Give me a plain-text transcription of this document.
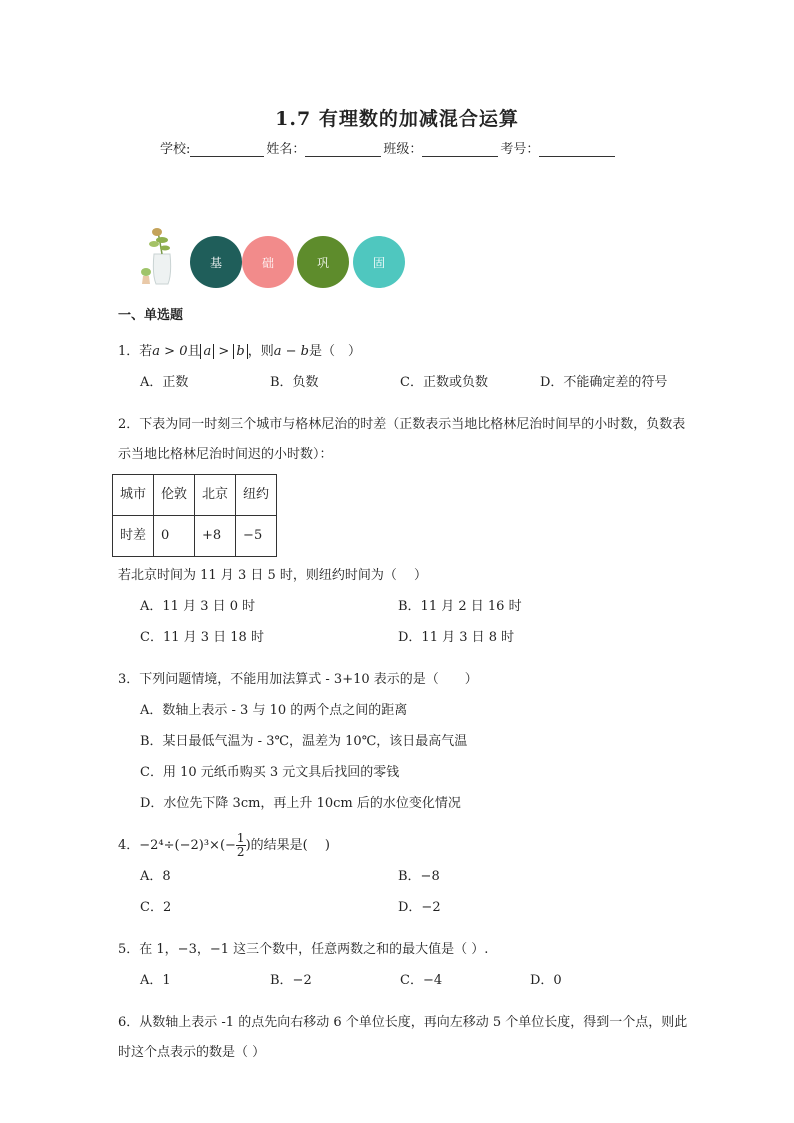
1.7 有理数的加减混合运算
学校:	姓名：	班级：	考号：
基	础	巩	固
一、单选题

1．若a > 0且 a > b ，则a − b是（　）

A．正数	B．负数	C．正数或负数	D．不能确定差的符号

2．下表为同一时刻三个城市与格林尼治的时差（正数表示当地比格林尼治时间早的小时数，负数表示当地比格林尼治时间迟的小时数）：

城市	伦敦	北京	纽约
时差	0	+8	−5

若北京时间为 11 月 3 日 5 时，则纽约时间为（　 ）

A．11 月 3 日 0 时	B．11 月 2 日 16 时
C．11 月 3 日 18 时	D．11 月 3 日 8 时

3．下列问题情境，不能用加法算式 - 3+10 表示的是（　　）

A．数轴上表示 - 3 与 10 的两个点之间的距离
B．某日最低气温为 - 3℃，温差为 10℃，该日最高气温
C．用 10 元纸币购买 3 元文具后找回的零钱
D．水位先下降 3cm，再上升 10cm 后的水位变化情况

4．$-2^4\div(-2)^3\times(- \frac{1}{2}$ )的结果是(　 )

A．8	B．−8
C．2	D．−2

5．在 1，−3，−1 这三个数中，任意两数之和的最大值是（ ）.

A．1	B．−2	C．−4	D．0

6．从数轴上表示 -1 的点先向右移动 6 个单位长度，再向左移动 5 个单位长度，得到一个点，则此时这个点表示的数是（ ）
